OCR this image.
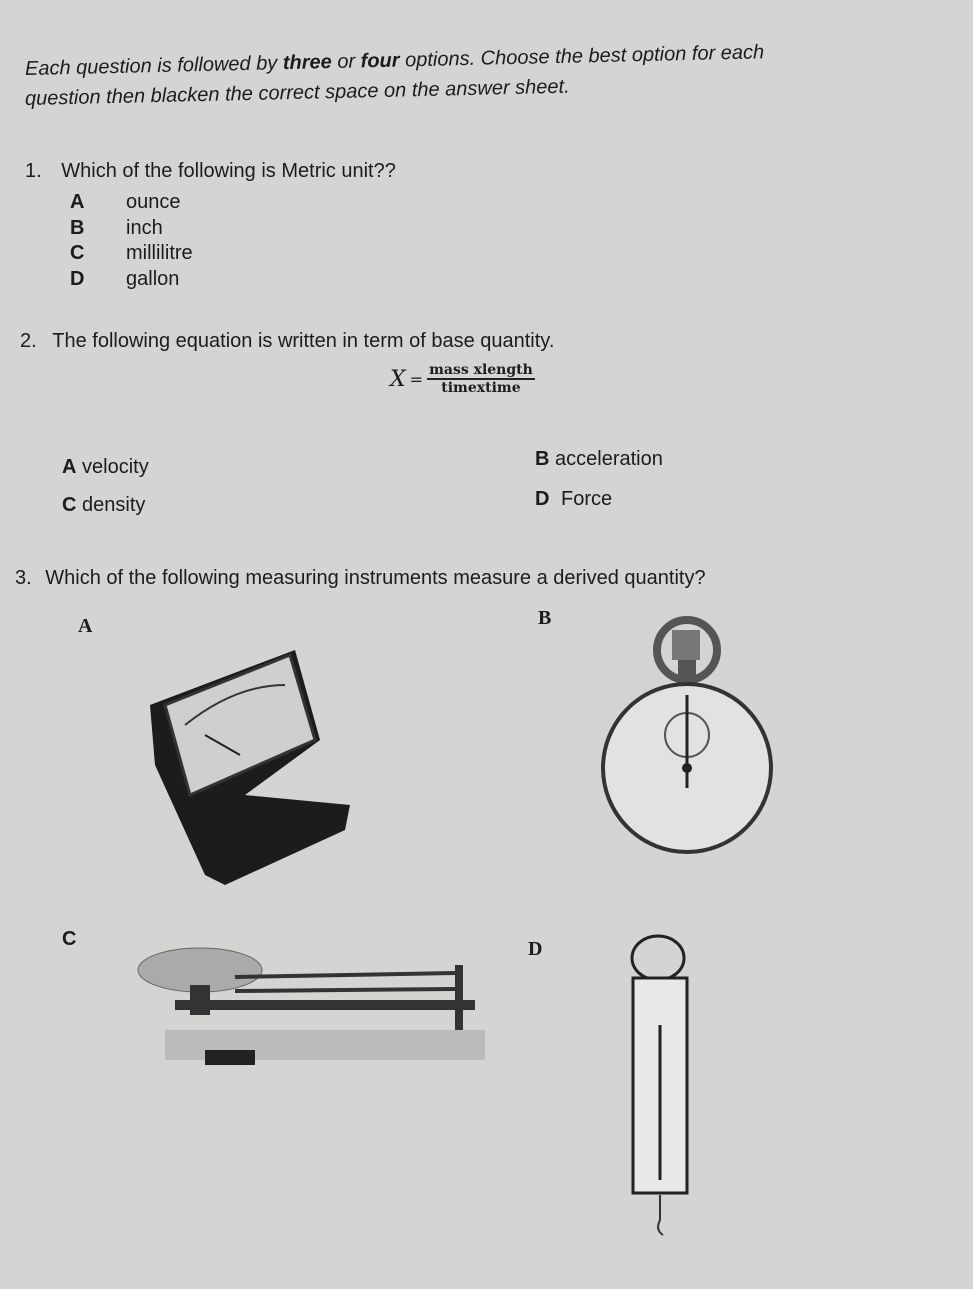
Each question is followed by three or four options. Choose the best option for each
question then blacken the correct space on the answer sheet.
1. Which of the following is Metric unit??
A ounce
B inch
C millilitre
D gallon
2. The following equation is written in term of base quantity.
X = mass xlength
timextime
A velocity	B acceleration
C density	D Force
3. Which of the following measuring instruments measure a derived quantity?
A	B
C	D
